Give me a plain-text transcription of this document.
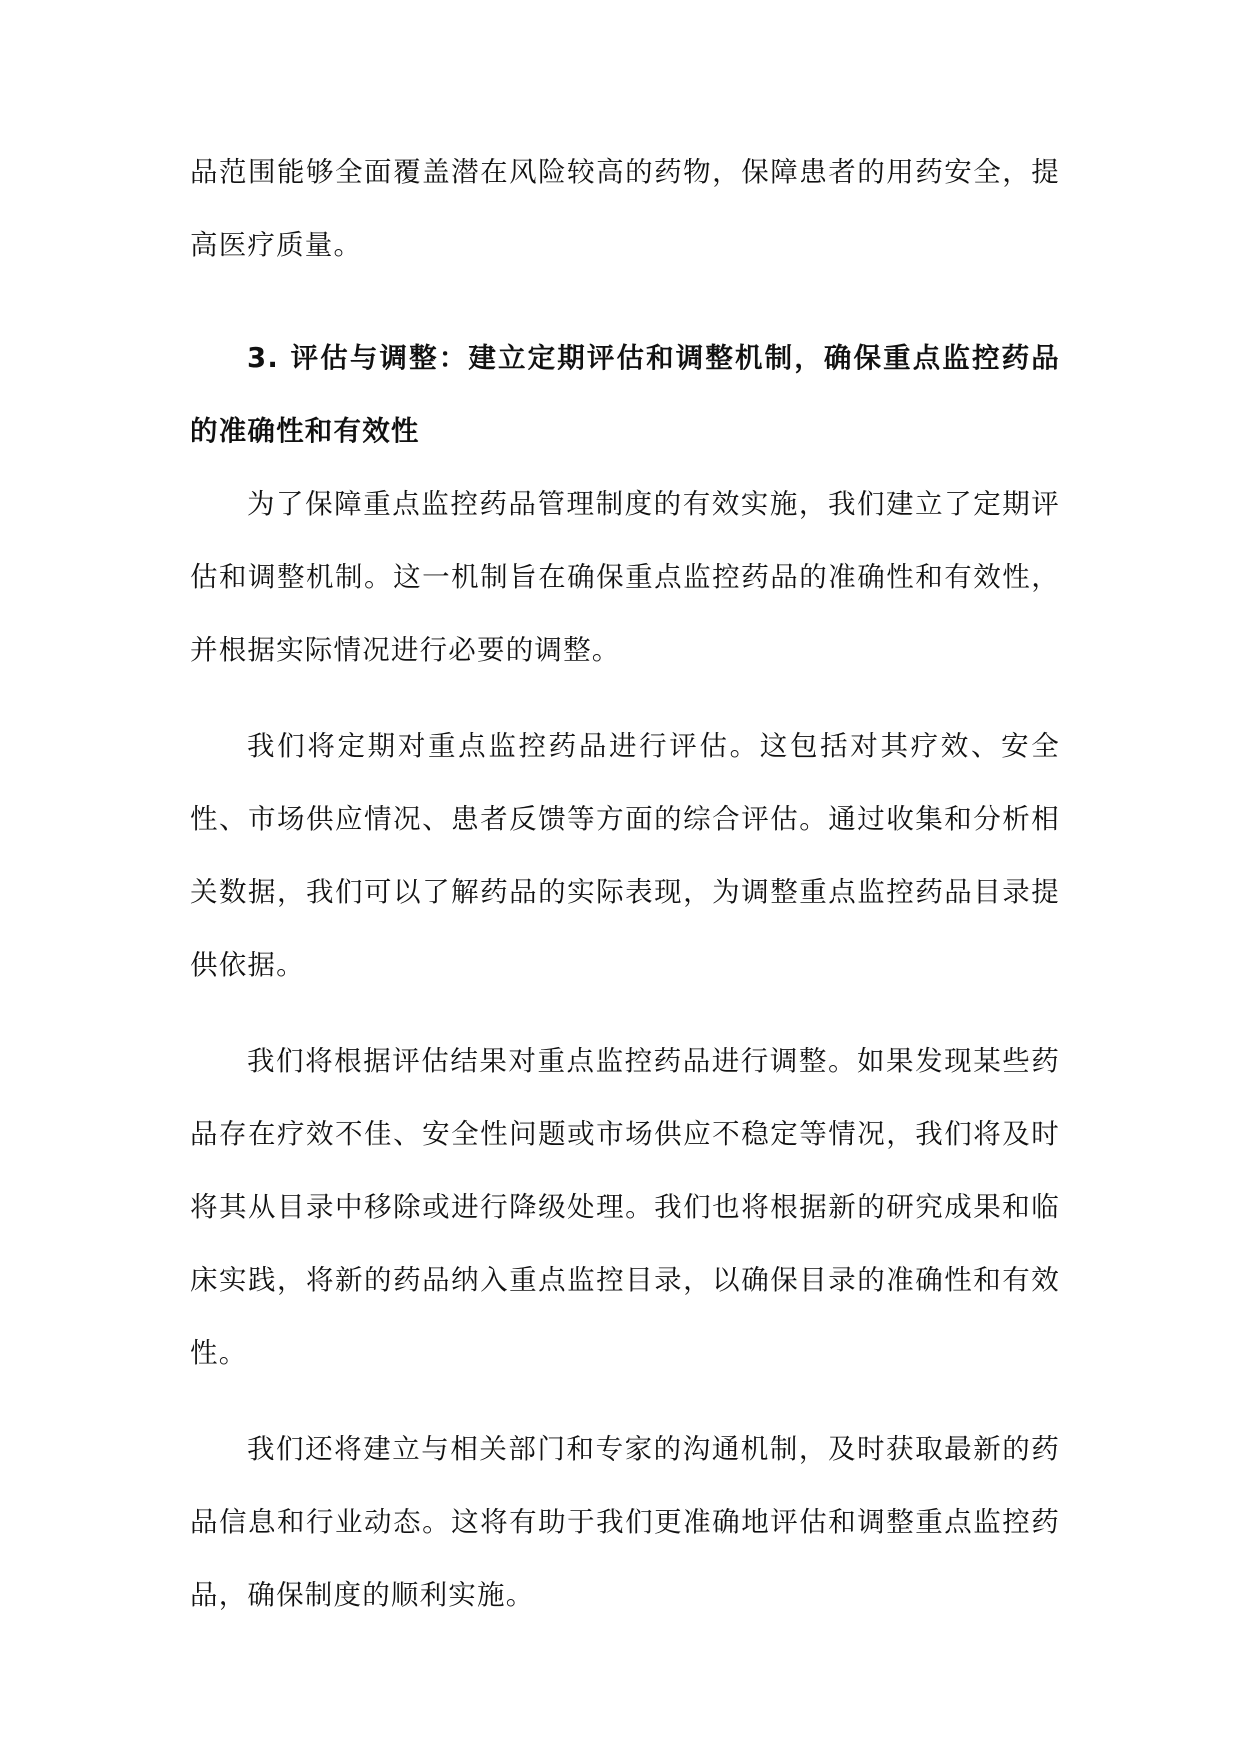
品范围能够全面覆盖潜在风险较高的药物，保障患者的用药安全，提高医疗质量。

3. 评估与调整：建立定期评估和调整机制，确保重点监控药品的准确性和有效性

为了保障重点监控药品管理制度的有效实施，我们建立了定期评估和调整机制。这一机制旨在确保重点监控药品的准确性和有效性，并根据实际情况进行必要的调整。

我们将定期对重点监控药品进行评估。这包括对其疗效、安全性、市场供应情况、患者反馈等方面的综合评估。通过收集和分析相关数据，我们可以了解药品的实际表现，为调整重点监控药品目录提供依据。

我们将根据评估结果对重点监控药品进行调整。如果发现某些药品存在疗效不佳、安全性问题或市场供应不稳定等情况，我们将及时将其从目录中移除或进行降级处理。我们也将根据新的研究成果和临床实践，将新的药品纳入重点监控目录，以确保目录的准确性和有效性。

我们还将建立与相关部门和专家的沟通机制，及时获取最新的药品信息和行业动态。这将有助于我们更准确地评估和调整重点监控药品，确保制度的顺利实施。
